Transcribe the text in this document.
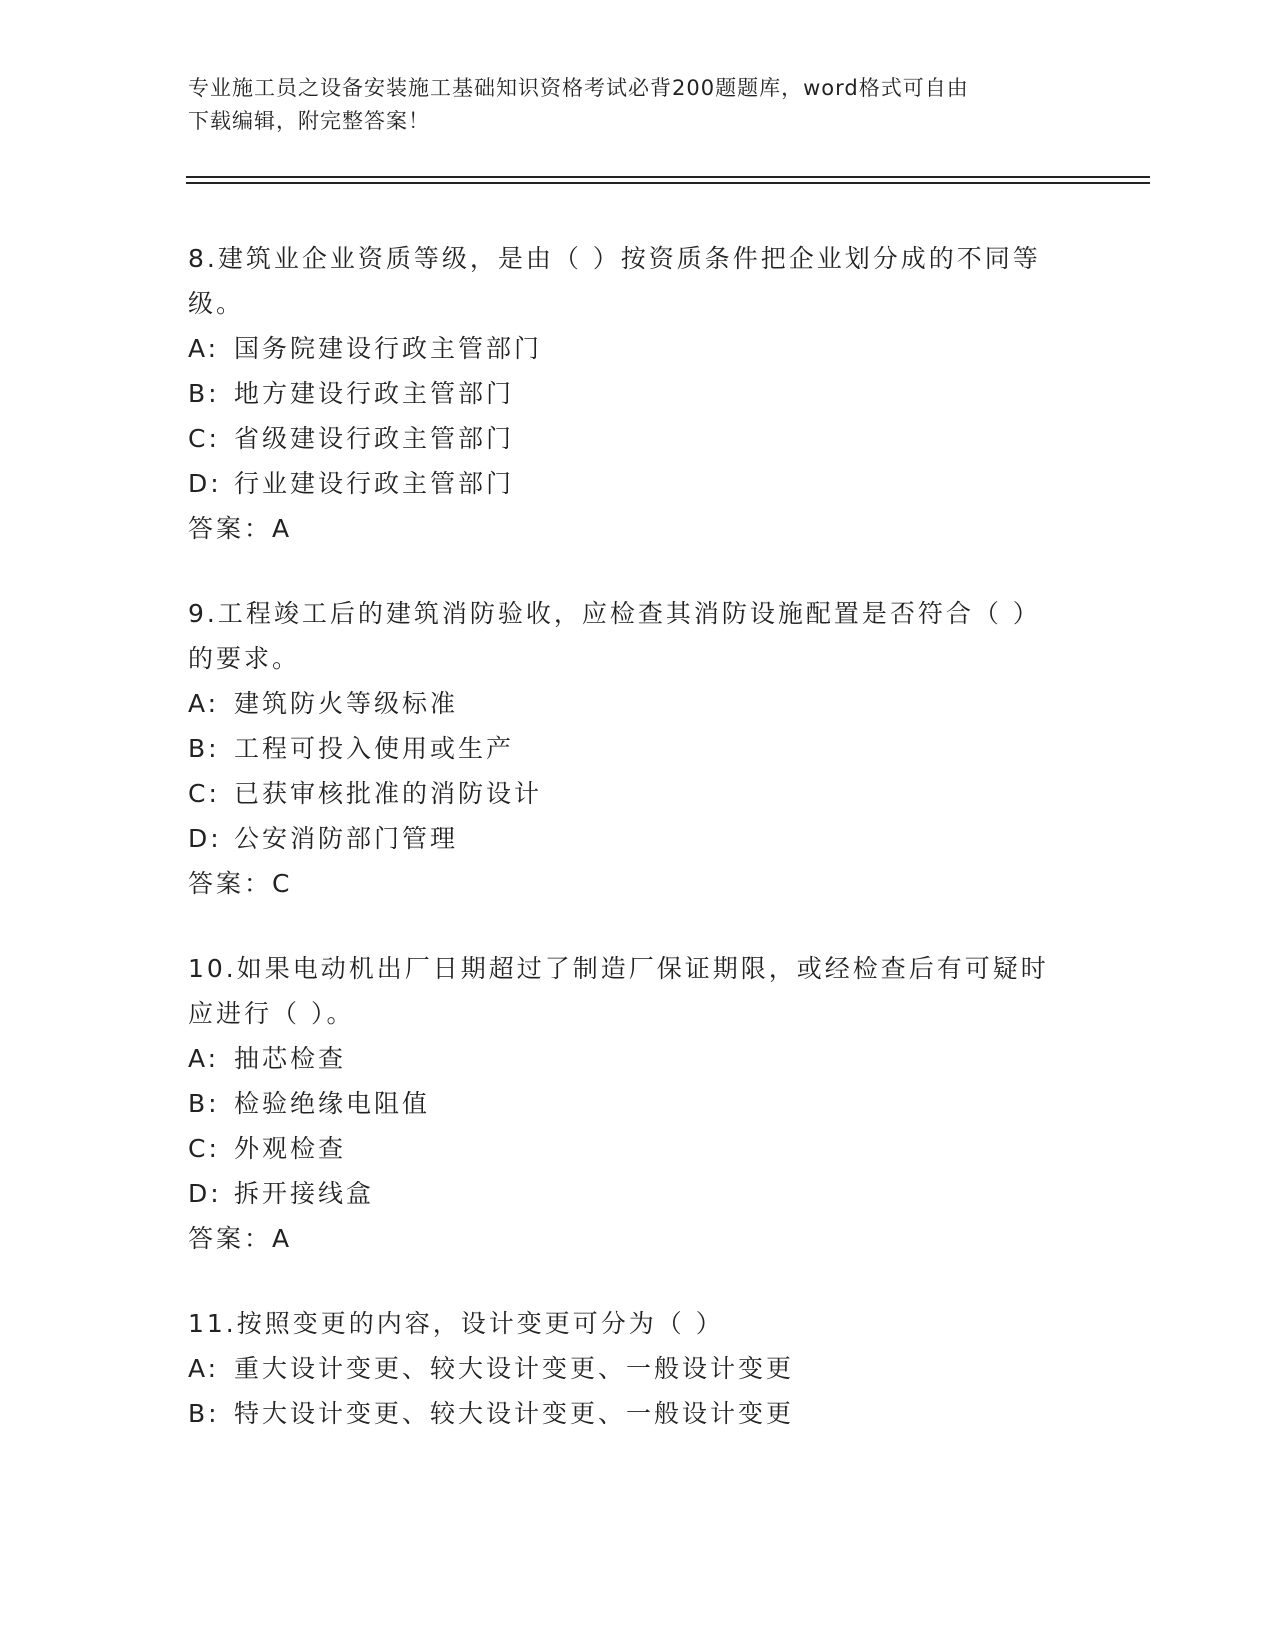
专业施工员之设备安装施工基础知识资格考试必背200题题库，word格式可自由
下载编辑，附完整答案！

8.建筑业企业资质等级，是由（ ）按资质条件把企业划分成的不同等

级。

A: 国务院建设行政主管部门

B: 地方建设行政主管部门

C: 省级建设行政主管部门

D: 行业建设行政主管部门

答案：A

9.工程竣工后的建筑消防验收，应检查其消防设施配置是否符合（ ）

的要求。

A: 建筑防火等级标准

B: 工程可投入使用或生产

C: 已获审核批准的消防设计

D: 公安消防部门管理

答案：C

10.如果电动机出厂日期超过了制造厂保证期限，或经检查后有可疑时

应进行（ ）。

A: 抽芯检查

B: 检验绝缘电阻值

C: 外观检查

D: 拆开接线盒

答案：A

11.按照变更的内容，设计变更可分为（ ）

A: 重大设计变更、较大设计变更、一般设计变更

B: 特大设计变更、较大设计变更、一般设计变更
